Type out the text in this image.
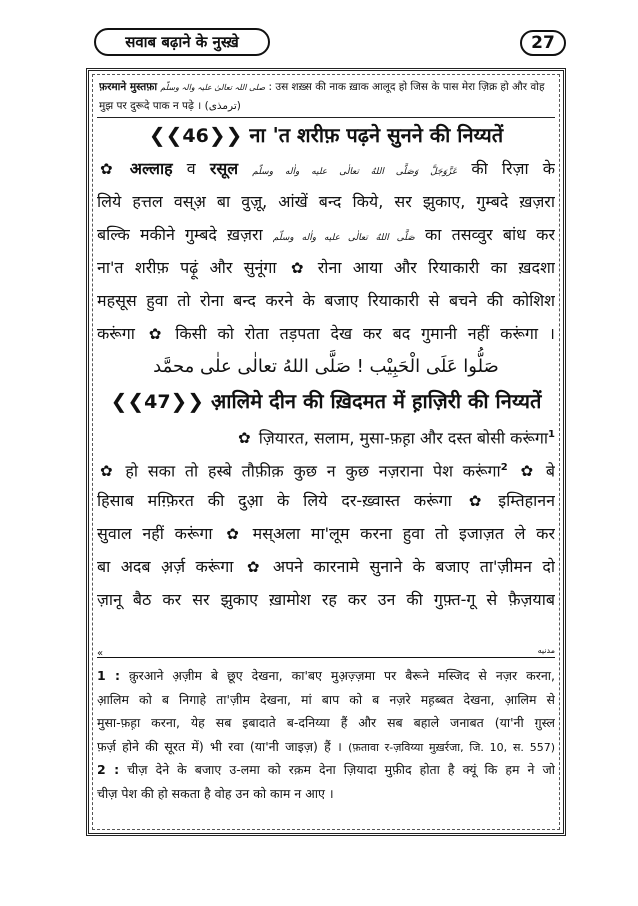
सवाब बढ़ाने के नुस्ख़े	27
फ़रमाने मुस्तफ़ा صلی اللہ تعالیٰ علیہ والہ وسلّم : उस शख़्स की नाक ख़ाक आलूद हो जिस के पास मेरा ज़िक्र हो और वोह
मुझ पर दुरूदे पाक न पढ़े । (ترمذی)
❮❮46❯❯ ना 'त शरीफ़ पढ़ने सुनने की निय्यतें
✿ अल्लाह व रसूल عَزَّوَجَلَّ وَصَلَّی اللهُ تعالٰی علیه واٰله وسلّم की रिज़ा के
लिये हत्तल वस्अ़ बा वुज़ू, आंखें बन्द किये, सर झुकाए, गुम्बदे ख़ज़रा
बल्कि मकीने गुम्बदे ख़ज़रा صَلَّی اللهُ تعالٰی علیه واٰله وسلّم का तसव्वुर बांध कर
ना'त शरीफ़ पढ़ूं और सुनूंगा ✿ रोना आया और रियाकारी का ख़दशा
महसूस हुवा तो रोना बन्द करने के बजाए रियाकारी से बचने की कोशिश
करूंगा ✿ किसी को रोता तड़पता देख कर बद गुमानी नहीं करूंगा ।
صَلُّوا عَلَی الْحَبِیْب ! صَلَّی اللهُ تعالٰی علٰی محمَّد
❮❮47❯❯ आ़लिमे दीन की ख़िदमत में ह़ाज़िरी की निय्यतें
✿ ज़ियारत, सलाम, मुसा-फ़ह़ा और दस्त बोसी करूंगा$^1$
✿ हो सका तो हस्बे तौफ़ीक़ कुछ न कुछ नज़राना पेश करूंगा$^2$ ✿ बे
हिसाब मग़्फ़िरत की दुआ़ के लिये दर-ख़्वास्त करूंगा ✿ इम्तिहानन
सुवाल नहीं करूंगा ✿ मस्अला मा'लूम करना हुवा तो इजाज़त ले कर
बा अदब अ़र्ज़ करूंगा ✿ अपने कारनामे सुनाने के बजाए ता'ज़ीमन दो
ज़ानू बैठ कर सर झुकाए ख़ामोश रह कर उन की गुफ़्त-गू से फ़ैज़याब
« مدنیه
1 : क़ुरआने अ़ज़ीम बे छूए देखना, का'बए मुअ़ज़्ज़मा पर बैरूने मस्जिद से नज़र करना,
आ़लिम को ब निगाहे ता'ज़ीम देखना, मां बाप को ब नज़रे मह़ब्बत देखना, आ़लिम से
मुसा-फ़ह़ा करना, येह सब इबादाते ब-दनिय्या हैं और सब बहाले जनाबत (या'नी ग़ुस्ल
फ़र्ज़ होने की सूरत में) भी रवा (या'नी जाइज़) हैं । (फ़तावा र-ज़विय्या मुख़र्रजा, जि. 10, स. 557)
2 : चीज़ देने के बजाए उ-लमा को रक़म देना ज़ियादा मुफ़ीद होता है क्यूं कि हम ने जो
चीज़ पेश की हो सकता है वोह उन को काम न आए ।
